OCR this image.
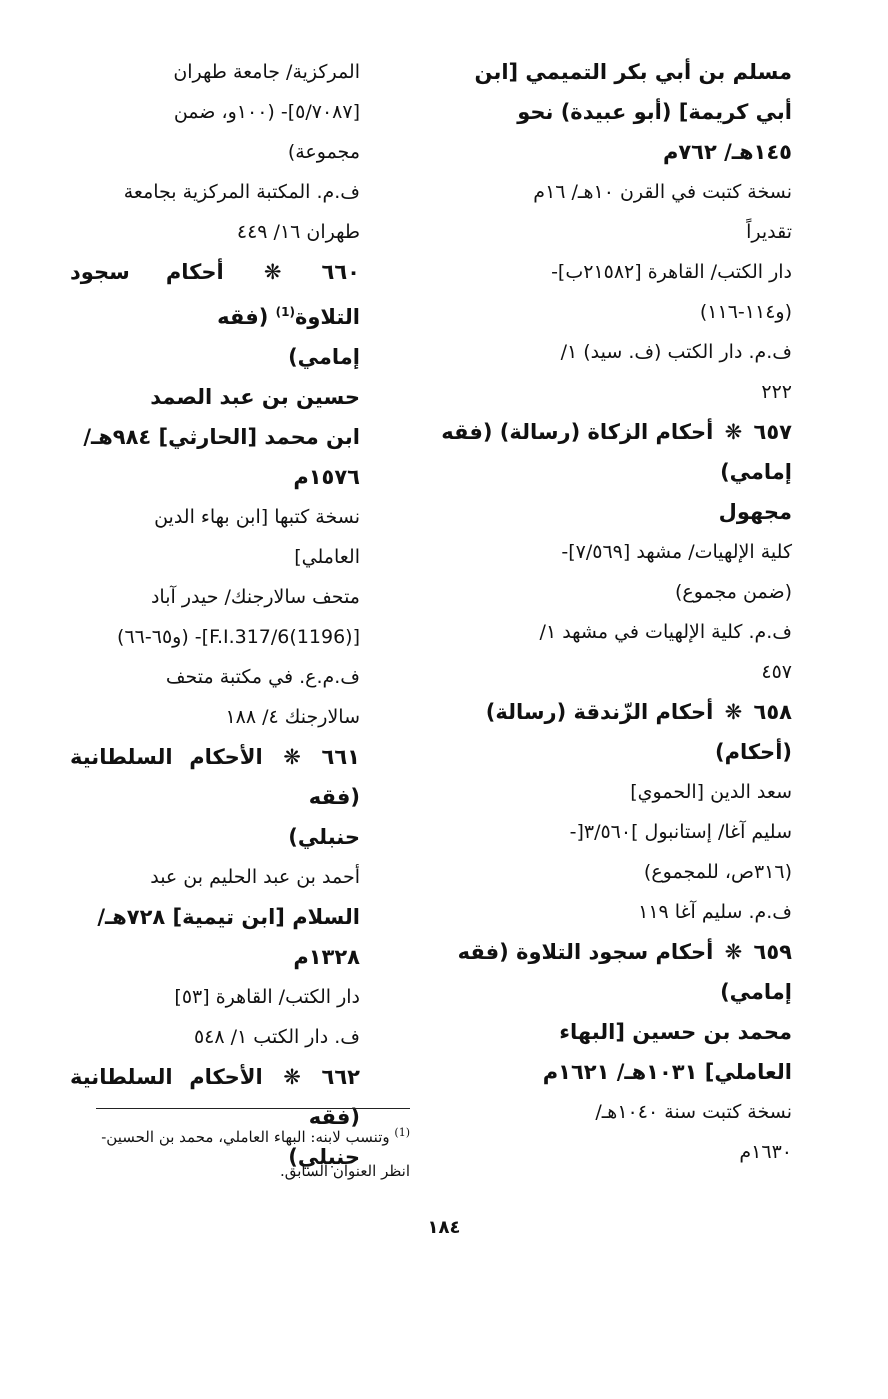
مسلم بن أبي بكر التميمي [ابن
أبي كريمة] (أبو عبيدة) نحو
١٤٥هـ/ ٧٦٢م
نسخة كتبت في القرن ١٠هـ/ ١٦م
تقديراً
دار الكتب/ القاهرة [٢١٥٨٢ب]-
(و١١٤-١١٦)
ف.م. دار الكتب (ف. سيد) ١/
٢٢٢
٦٥٧ ❋ أحكام الزكاة (رسالة) (فقه
إمامي)
مجهول
كلية الإلهيات/ مشهد [٧/٥٦٩]-
(ضمن مجموع)
ف.م. كلية الإلهيات في مشهد ١/
٤٥٧
٦٥٨ ❋ أحكام الزّندقة (رسالة)
(أحكام)
سعد الدين [الحموي]
سليم آغا/ إستانبول ]٣/٥٦٠[-
(٣١٦ص، للمجموع)
ف.م. سليم آغا ١١٩
٦٥٩ ❋ أحكام سجود التلاوة (فقه
إمامي)
محمد بن حسين [البهاء
العاملي] ١٠٣١هـ/ ١٦٢١م
نسخة كتبت سنة ١٠٤٠هـ/
١٦٣٠م
المركزية/ جامعة طهران
[٥/٧٠٨٧]- (١٠٠و، ضمن
مجموعة)
ف.م. المكتبة المركزية بجامعة
طهران ١٦/ ٤٤٩
٦٦٠ ❋ أحكام سجود التلاوة$^{(1)}$ (فقه
إمامي)
حسين بن عبد الصمد
ابن محمد [الحارثي] ٩٨٤هـ/
١٥٧٦م
نسخة كتبها [ابن بهاء الدين
العاملي]
متحف سالارجنك/ حيدر آباد
[(1196)F.I.317/6]- (و٦٥-٦٦)
ف.م.ع. في مكتبة متحف
سالارجنك ٤/ ١٨٨
٦٦١ ❋ الأحكام السلطانية (فقه
حنبلي)
أحمد بن عبد الحليم بن عبد
السلام [ابن تيمية] ٧٢٨هـ/
١٣٢٨م
دار الكتب/ القاهرة [٥٣]
ف. دار الكتب ١/ ٥٤٨
٦٦٢ ❋ الأحكام السلطانية (فقه
حنبلي)
$^{(1)}$ وتنسب لابنه: البهاء العاملي، محمد بن الحسين-
انظر العنوان السابق.
١٨٤
